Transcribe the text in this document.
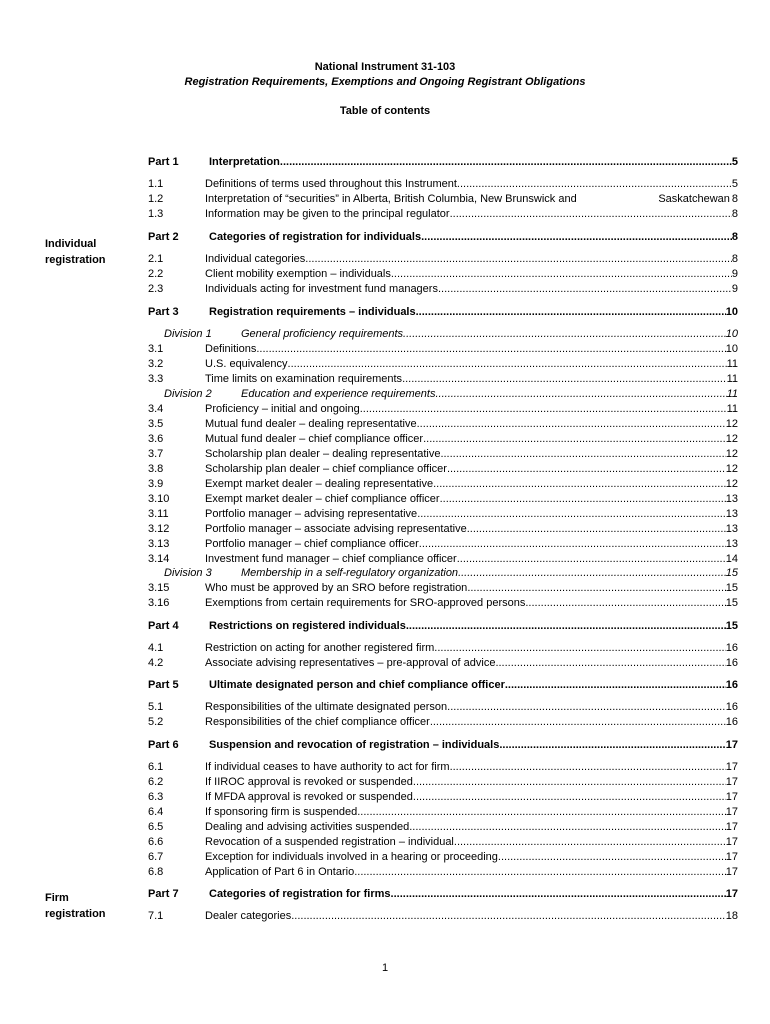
National Instrument 31-103
Registration Requirements, Exemptions and Ongoing Registrant Obligations
Table of contents
Individual
registration
Firm
registration
Part 1	Interpretation .....	5
1.1	Definitions of terms used throughout this Instrument .....	5
1.2	Interpretation of “securities” in Alberta, British Columbia, New Brunswick and	Saskatchewan 8
1.3	Information may be given to the principal regulator .....	8
Part 2	Categories of registration for individuals .....	8
2.1	Individual categories .....	8
2.2	Client mobility exemption – individuals .....	9
2.3	Individuals acting for investment fund managers .....	9
Part 3	Registration requirements – individuals .....	10
Division 1	General proficiency requirements .....	10
3.1	Definitions .....	10
3.2	U.S. equivalency .....	11
3.3	Time limits on examination requirements .....	11
Division 2	Education and experience requirements .....	11
3.4	Proficiency – initial and ongoing .....	11
3.5	Mutual fund dealer – dealing representative .....	12
3.6	Mutual fund dealer – chief compliance officer .....	12
3.7	Scholarship plan dealer – dealing representative .....	12
3.8	Scholarship plan dealer – chief compliance officer .....	12
3.9	Exempt market dealer – dealing representative .....	12
3.10	Exempt market dealer – chief compliance officer .....	13
3.11	Portfolio manager – advising representative .....	13
3.12	Portfolio manager – associate advising representative .....	13
3.13	Portfolio manager – chief compliance officer .....	13
3.14	Investment fund manager – chief compliance officer .....	14
Division 3	Membership in a self-regulatory organization .....	15
3.15	Who must be approved by an SRO before registration .....	15
3.16	Exemptions from certain requirements for SRO-approved persons .....	15
Part 4	Restrictions on registered individuals .....	15
4.1	Restriction on acting for another registered firm .....	16
4.2	Associate advising representatives – pre-approval of advice .....	16
Part 5	Ultimate designated person and chief compliance officer .....	16
5.1	Responsibilities of the ultimate designated person .....	16
5.2	Responsibilities of the chief compliance officer .....	16
Part 6	Suspension and revocation of registration – individuals .....	17
6.1	If individual ceases to have authority to act for firm .....	17
6.2	If IIROC approval is revoked or suspended .....	17
6.3	If MFDA approval is revoked or suspended .....	17
6.4	If sponsoring firm is suspended .....	17
6.5	Dealing and advising activities suspended .....	17
6.6	Revocation of a suspended registration – individual .....	17
6.7	Exception for individuals involved in a hearing or proceeding .....	17
6.8	Application of Part 6 in Ontario .....	17
Part 7	Categories of registration for firms .....	17
7.1	Dealer categories .....	18
1
